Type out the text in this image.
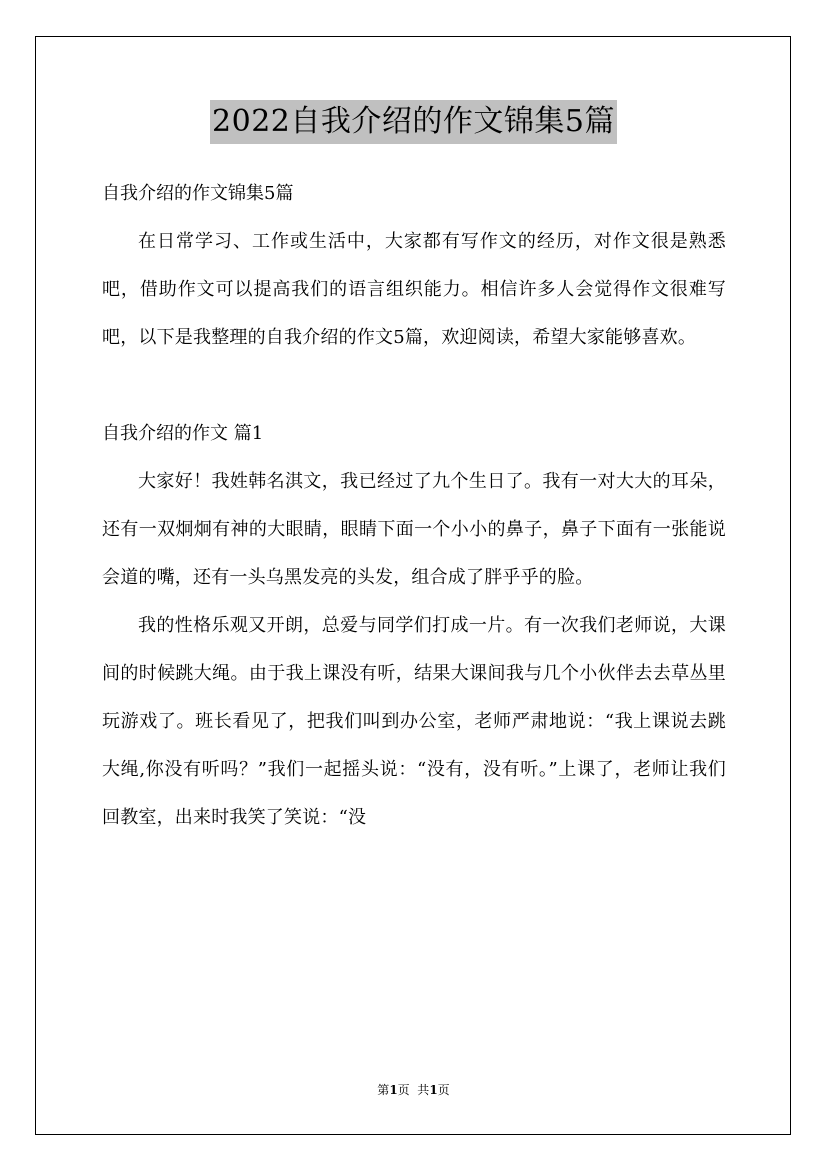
2022自我介绍的作文锦集5篇

自我介绍的作文锦集5篇

在日常学习、工作或生活中，大家都有写作文的经历，对作文很是熟悉吧，借助作文可以提高我们的语言组织能力。相信许多人会觉得作文很难写吧，以下是我整理的自我介绍的作文5篇，欢迎阅读，希望大家能够喜欢。

自我介绍的作文 篇1

大家好！我姓韩名淇文，我已经过了九个生日了。我有一对大大的耳朵，还有一双炯炯有神的大眼睛，眼睛下面一个小小的鼻子，鼻子下面有一张能说会道的嘴，还有一头乌黑发亮的头发，组合成了胖乎乎的脸。

我的性格乐观又开朗，总爱与同学们打成一片。有一次我们老师说，大课间的时候跳大绳。由于我上课没有听，结果大课间我与几个小伙伴去去草丛里玩游戏了。班长看见了，把我们叫到办公室，老师严肃地说：“我上课说去跳大绳,你没有听吗？”我们一起摇头说：“没有，没有听。”上课了，老师让我们回教室，出来时我笑了笑说：“没

第1页  共1页
